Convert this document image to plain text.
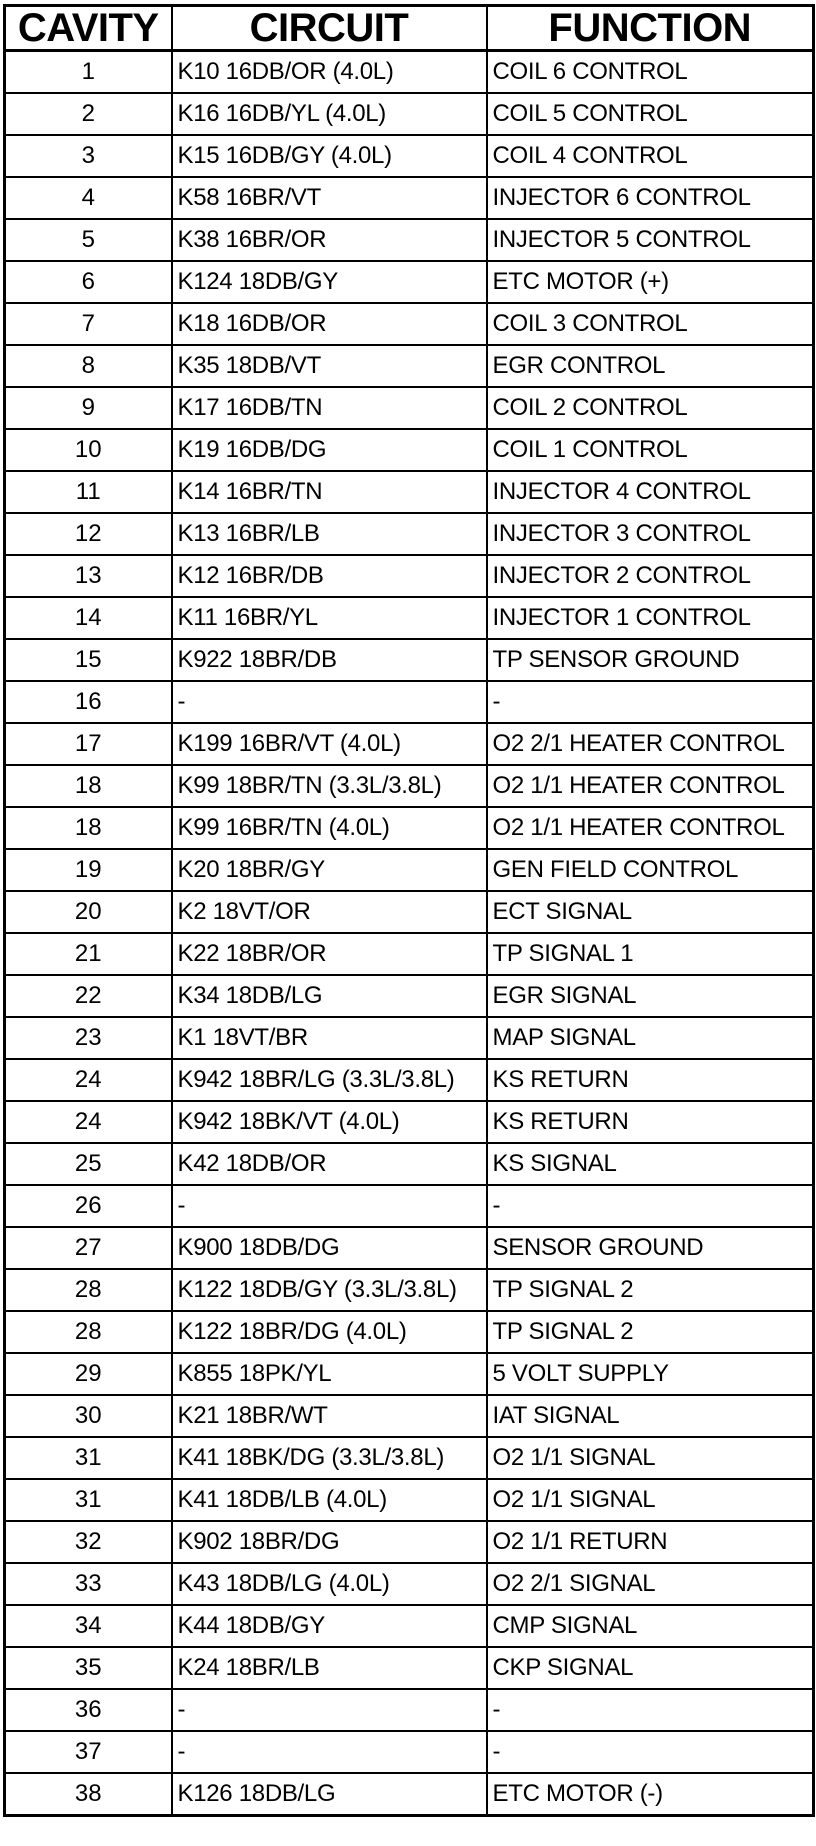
CAVITY	CIRCUIT	FUNCTION
1	K10 16DB/OR (4.0L)	COIL 6 CONTROL
2	K16 16DB/YL (4.0L)	COIL 5 CONTROL
3	K15 16DB/GY (4.0L)	COIL 4 CONTROL
4	K58 16BR/VT	INJECTOR 6 CONTROL
5	K38 16BR/OR	INJECTOR 5 CONTROL
6	K124 18DB/GY	ETC MOTOR (+)
7	K18 16DB/OR	COIL 3 CONTROL
8	K35 18DB/VT	EGR CONTROL
9	K17 16DB/TN	COIL 2 CONTROL
10	K19 16DB/DG	COIL 1 CONTROL
11	K14 16BR/TN	INJECTOR 4 CONTROL
12	K13 16BR/LB	INJECTOR 3 CONTROL
13	K12 16BR/DB	INJECTOR 2 CONTROL
14	K11 16BR/YL	INJECTOR 1 CONTROL
15	K922 18BR/DB	TP SENSOR GROUND
16	-	-
17	K199 16BR/VT (4.0L)	O2 2/1 HEATER CONTROL
18	K99 18BR/TN (3.3L/3.8L)	O2 1/1 HEATER CONTROL
18	K99 16BR/TN (4.0L)	O2 1/1 HEATER CONTROL
19	K20 18BR/GY	GEN FIELD CONTROL
20	K2 18VT/OR	ECT SIGNAL
21	K22 18BR/OR	TP SIGNAL 1
22	K34 18DB/LG	EGR SIGNAL
23	K1 18VT/BR	MAP SIGNAL
24	K942 18BR/LG (3.3L/3.8L)	KS RETURN
24	K942 18BK/VT (4.0L)	KS RETURN
25	K42 18DB/OR	KS SIGNAL
26	-	-
27	K900 18DB/DG	SENSOR GROUND
28	K122 18DB/GY (3.3L/3.8L)	TP SIGNAL 2
28	K122 18BR/DG (4.0L)	TP SIGNAL 2
29	K855 18PK/YL	5 VOLT SUPPLY
30	K21 18BR/WT	IAT SIGNAL
31	K41 18BK/DG (3.3L/3.8L)	O2 1/1 SIGNAL
31	K41 18DB/LB (4.0L)	O2 1/1 SIGNAL
32	K902 18BR/DG	O2 1/1 RETURN
33	K43 18DB/LG (4.0L)	O2 2/1 SIGNAL
34	K44 18DB/GY	CMP SIGNAL
35	K24 18BR/LB	CKP SIGNAL
36	-	-
37	-	-
38	K126 18DB/LG	ETC MOTOR (-)
